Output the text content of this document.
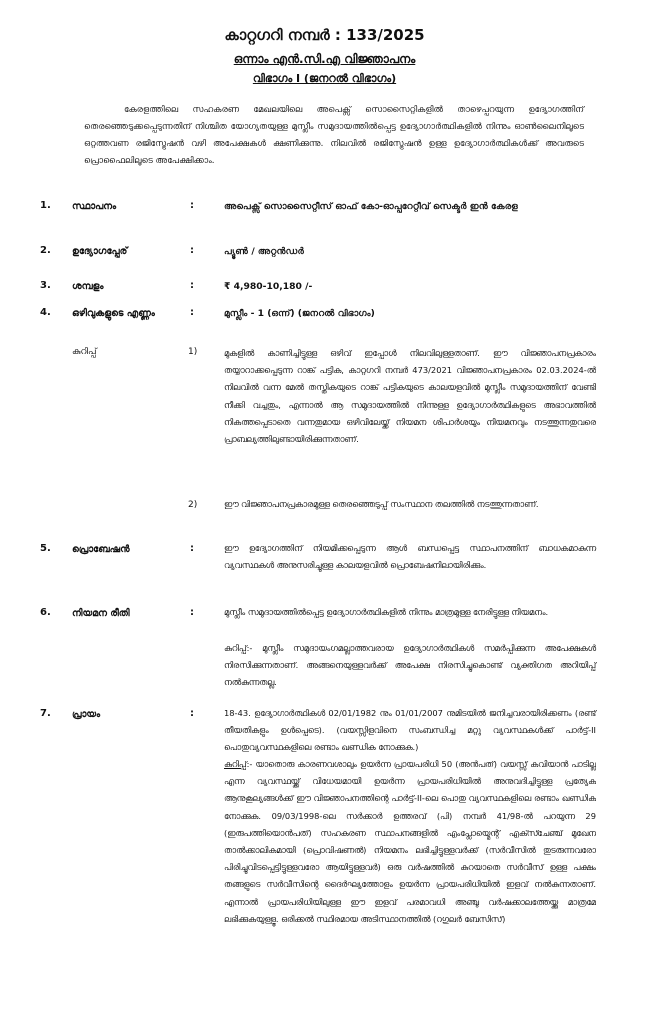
കാറ്റഗറി നമ്പർ : 133/2025
ഒന്നാം എൻ.സി.എ വിജ്ഞാപനം
വിഭാഗം I (ജനറൽ വിഭാഗം)
കേരളത്തിലെ സഹകരണ മേഖലയിലെ അപെക്സ് സൊസൈറ്റികളിൽ താഴെപ്പറയുന്ന ഉദ്യോഗത്തിന് തെരഞ്ഞെടുക്കപ്പെടുന്നതിന് നിശ്ചിത യോഗ്യതയുള്ള മുസ്ലീം സമുദായത്തിൽപ്പെട്ട ഉദ്യോഗാർത്ഥികളിൽ നിന്നും ഓൺലൈനിലൂടെ ഒറ്റത്തവണ രജിസ്ട്രേഷൻ വഴി അപേക്ഷകൾ ക്ഷണിക്കുന്നു. നിലവിൽ രജിസ്ട്രേഷൻ ഉള്ള ഉദ്യോഗാർത്ഥികൾക്ക് അവരുടെ പ്രൊഫൈലിലൂടെ അപേക്ഷിക്കാം.
1. സ്ഥാപനം	:	അപെക്സ് സൊസൈറ്റീസ് ഓഫ് കോ-ഓപ്പറേറ്റീവ് സെക്ടർ ഇൻ കേരള
2. ഉദ്യോഗപ്പേര്	:	പ്യൂൺ / അറ്റൻഡർ
3. ശമ്പളം	:	₹ 4,980-10,180 /-
4. ഒഴിവുകളുടെ എണ്ണം	:	മുസ്ലീം - 1 (ഒന്ന്) (ജനറൽ വിഭാഗം)
കുറിപ്പ്	1)	മുകളിൽ കാണിച്ചിട്ടുള്ള ഒഴിവ് ഇപ്പോൾ നിലവിലുള്ളതാണ്. ഈ വിജ്ഞാപനപ്രകാരം തയ്യാറാക്കപ്പെടുന്ന റാങ്ക് പട്ടിക, കാറ്റഗറി നമ്പർ 473/2021 വിജ്ഞാപനപ്രകാരം 02.03.2024-ൽ നിലവിൽ വന്ന മേൽ തസ്തികയുടെ റാങ്ക് പട്ടികയുടെ കാലയളവിൽ മുസ്ലീം സമുദായത്തിന് വേണ്ടി നീക്കി വച്ചതും, എന്നാൽ ആ സമുദായത്തിൽ നിന്നുള്ള ഉദ്യോഗാർത്ഥികളുടെ അഭാവത്തിൽ നികത്തപ്പെടാതെ വന്നതുമായ ഒഴിവിലേയ്ക്ക് നിയമന ശിപാർശയും നിയമനവും നടത്തുന്നതുവരെ പ്രാബല്യത്തിലുണ്ടായിരിക്കുന്നതാണ്.
2)	ഈ വിജ്ഞാപനപ്രകാരമുള്ള തെരഞ്ഞെടുപ്പ് സംസ്ഥാന തലത്തിൽ നടത്തുന്നതാണ്.
5. പ്രൊബേഷൻ	:	ഈ ഉദ്യോഗത്തിന് നിയമിക്കപ്പെടുന്ന ആൾ ബന്ധപ്പെട്ട സ്ഥാപനത്തിന് ബാധകമാകുന്ന വ്യവസ്ഥകൾ അനുസരിച്ചുള്ള കാലയളവിൽ പ്രൊബേഷനിലായിരിക്കും.
6. നിയമന രീതി	:	മുസ്ലീം സമുദായത്തിൽപ്പെട്ട ഉദ്യോഗാർത്ഥികളിൽ നിന്നും മാത്രമുള്ള നേരിട്ടുള്ള നിയമനം.
കുറിപ്പ്:- മുസ്ലീം സമുദായംഗമല്ലാത്തവരായ ഉദ്യോഗാർത്ഥികൾ സമർപ്പിക്കുന്ന അപേക്ഷകൾ നിരസിക്കുന്നതാണ്. അങ്ങനെയുള്ളവർക്ക് അപേക്ഷ നിരസിച്ചുകൊണ്ട് വ്യക്തിഗത അറിയിപ്പ് നൽകുന്നതല്ല.
7. പ്രായം	:	18-43. ഉദ്യോഗാർത്ഥികൾ 02/01/1982 നും 01/01/2007 നുമിടയിൽ ജനിച്ചവരായിരിക്കണം (രണ്ട് തീയതികളും ഉൾപ്പെടെ). (വയസ്സിളവിനെ സംബന്ധിച്ച മറ്റു വ്യവസ്ഥകൾക്ക് പാർട്ട്-II പൊതുവ്യവസ്ഥകളിലെ രണ്ടാം ഖണ്ഡിക നോക്കുക.)
കുറിപ്പ്:- യാതൊരു കാരണവശാലും ഉയർന്ന പ്രായപരിധി 50 (അൻപത്) വയസ്സ് കവിയാൻ പാടില്ല എന്ന വ്യവസ്ഥയ്ക്ക് വിധേയമായി ഉയർന്ന പ്രായപരിധിയിൽ അനുവദിച്ചിട്ടുള്ള പ്രത്യേക ആനുകൂല്യങ്ങൾക്ക് ഈ വിജ്ഞാപനത്തിന്റെ പാർട്ട്-II-ലെ പൊതു വ്യവസ്ഥകളിലെ രണ്ടാം ഖണ്ഡിക നോക്കുക. 09/03/1998-ലെ സർക്കാർ ഉത്തരവ് (പി) നമ്പർ 41/98-ൽ പറയുന്ന 29 (ഇരുപത്തിയൊൻപത്) സഹകരണ സ്ഥാപനങ്ങളിൽ എംപ്ലോയ്മെന്റ് എക്സ്ചേഞ്ച് മുഖേന താൽക്കാലികമായി (പ്രൊവിഷണൽ) നിയമനം ലഭിച്ചിട്ടുള്ളവർക്ക് (സർവീസിൽ തുടരുന്നവരോ പിരിച്ചുവിടപ്പെട്ടിട്ടുള്ളവരോ ആയിട്ടുള്ളവർ) ഒരു വർഷത്തിൽ കുറയാതെ സർവീസ് ഉള്ള പക്ഷം തങ്ങളുടെ സർവീസിന്റെ ദൈർഘ്യത്തോളം ഉയർന്ന പ്രായപരിധിയിൽ ഇളവ് നൽകുന്നതാണ്. എന്നാൽ പ്രായപരിധിയിലുള്ള ഈ ഇളവ് പരമാവധി അഞ്ചു വർഷക്കാലത്തേയ്ക്കു മാത്രമേ ലഭിക്കുകയുള്ളൂ. ഒരിക്കൽ സ്ഥിരമായ അടിസ്ഥാനത്തിൽ (റഗുലർ ബേസിസ്)
